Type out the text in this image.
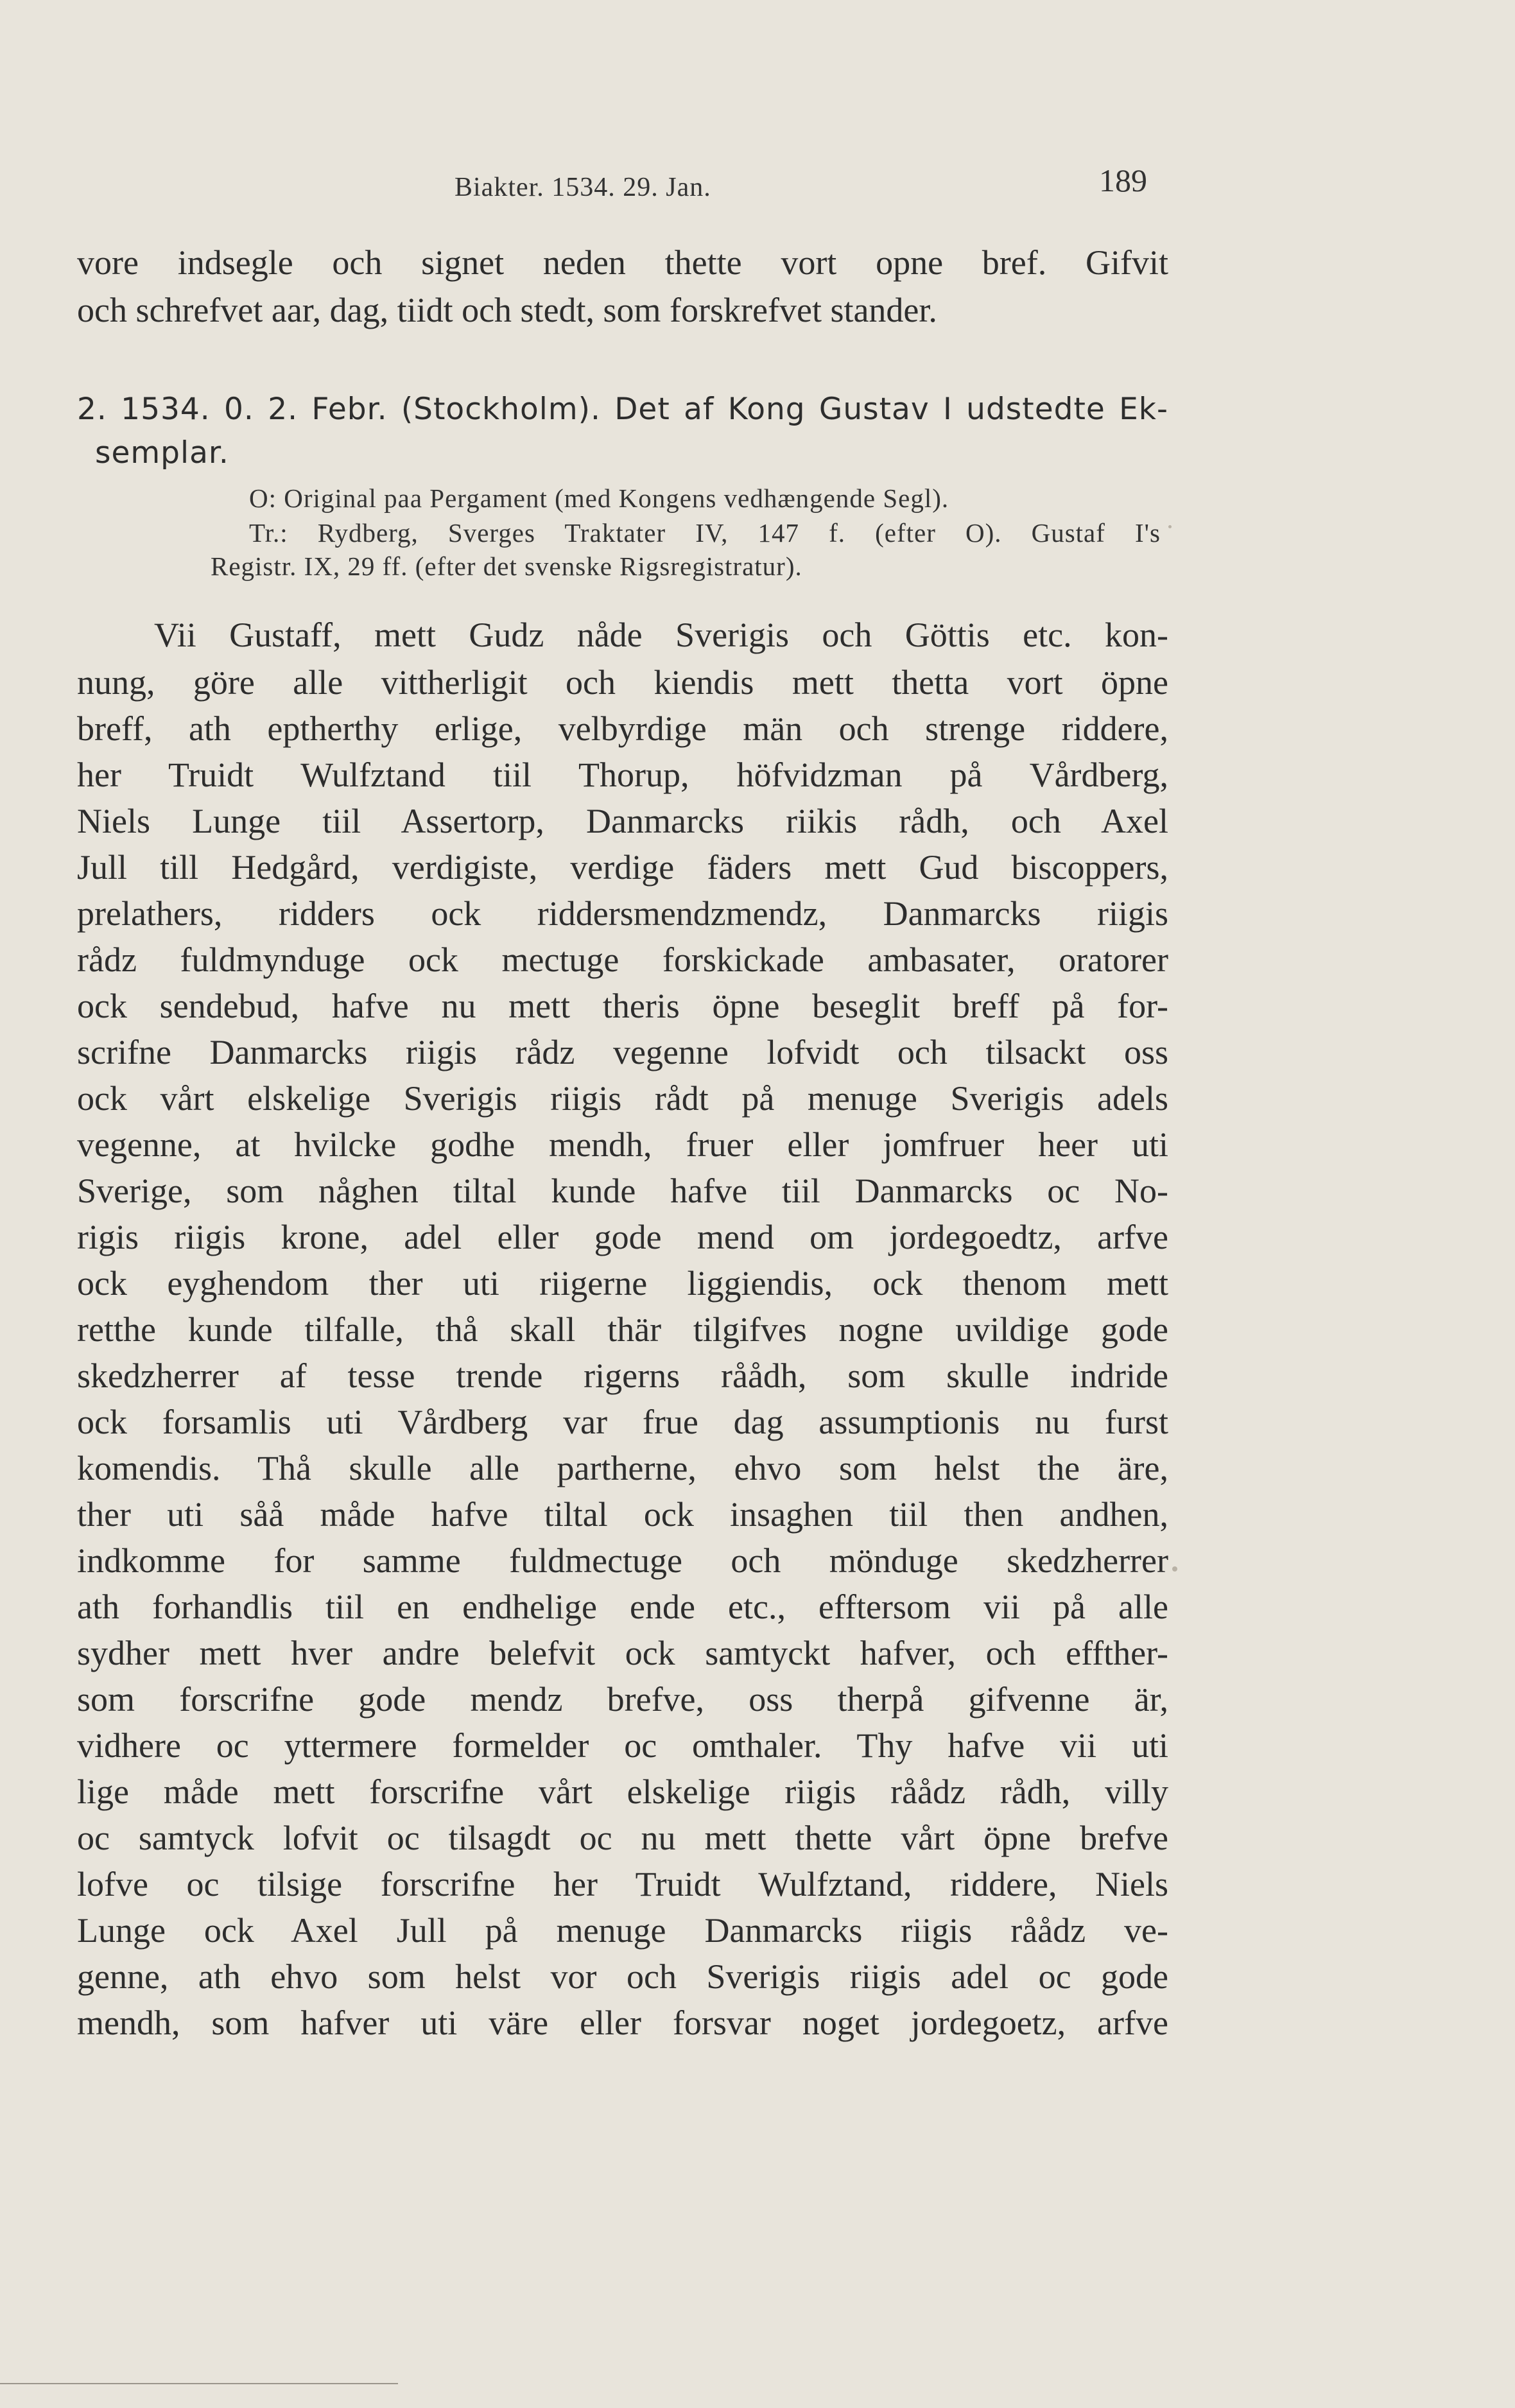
Biakter. 1534. 29. Jan.	189
vore indsegle och signet neden thette vort opne bref. Gifvit
och schrefvet aar, dag, tiidt och stedt, som forskrefvet stander.
2. 1534. 0. 2. Febr. (Stockholm). Det af Kong Gustav I udstedte Ek-
semplar.
O: Original paa Pergament (med Kongens vedhængende Segl).
Tr.: Rydberg, Sverges Traktater IV, 147 f. (efter O). Gustaf I's
Registr. IX, 29 ff. (efter det svenske Rigsregistratur).
Vii Gustaff, mett Gudz nåde Sverigis och Göttis etc. kon-
nung, göre alle vittherligit och kiendis mett thetta vort öpne
breff, ath eptherthy erlige, velbyrdige män och strenge riddere,
her Truidt Wulfztand tiil Thorup, höfvidzman på Vårdberg,
Niels Lunge tiil Assertorp, Danmarcks riikis rådh, och Axel
Jull till Hedgård, verdigiste, verdige fäders mett Gud biscoppers,
prelathers, ridders ock riddersmendzmendz, Danmarcks riigis
rådz fuldmynduge ock mectuge forskickade ambasater, oratorer
ock sendebud, hafve nu mett theris öpne beseglit breff på for-
scrifne Danmarcks riigis rådz vegenne lofvidt och tilsackt oss
ock vårt elskelige Sverigis riigis rådt på menuge Sverigis adels
vegenne, at hvilcke godhe mendh, fruer eller jomfruer heer uti
Sverige, som någhen tiltal kunde hafve tiil Danmarcks oc No-
rigis riigis krone, adel eller gode mend om jordegoedtz, arfve
ock eyghendom ther uti riigerne liggiendis, ock thenom mett
retthe kunde tilfalle, thå skall thär tilgifves nogne uvildige gode
skedzherrer af tesse trende rigerns råådh, som skulle indride
ock forsamlis uti Vårdberg var frue dag assumptionis nu furst
komendis. Thå skulle alle partherne, ehvo som helst the äre,
ther uti såå måde hafve tiltal ock insaghen tiil then andhen,
indkomme for samme fuldmectuge och mönduge skedzherrer
ath forhandlis tiil en endhelige ende etc., efftersom vii på alle
sydher mett hver andre belefvit ock samtyckt hafver, och effther-
som forscrifne gode mendz brefve, oss therpå gifvenne är,
vidhere oc yttermere formelder oc omthaler. Thy hafve vii uti
lige måde mett forscrifne vårt elskelige riigis råådz rådh, villy
oc samtyck lofvit oc tilsagdt oc nu mett thette vårt öpne brefve
lofve oc tilsige forscrifne her Truidt Wulfztand, riddere, Niels
Lunge ock Axel Jull på menuge Danmarcks riigis råådz ve-
genne, ath ehvo som helst vor och Sverigis riigis adel oc gode
mendh, som hafver uti väre eller forsvar noget jordegoetz, arfve
